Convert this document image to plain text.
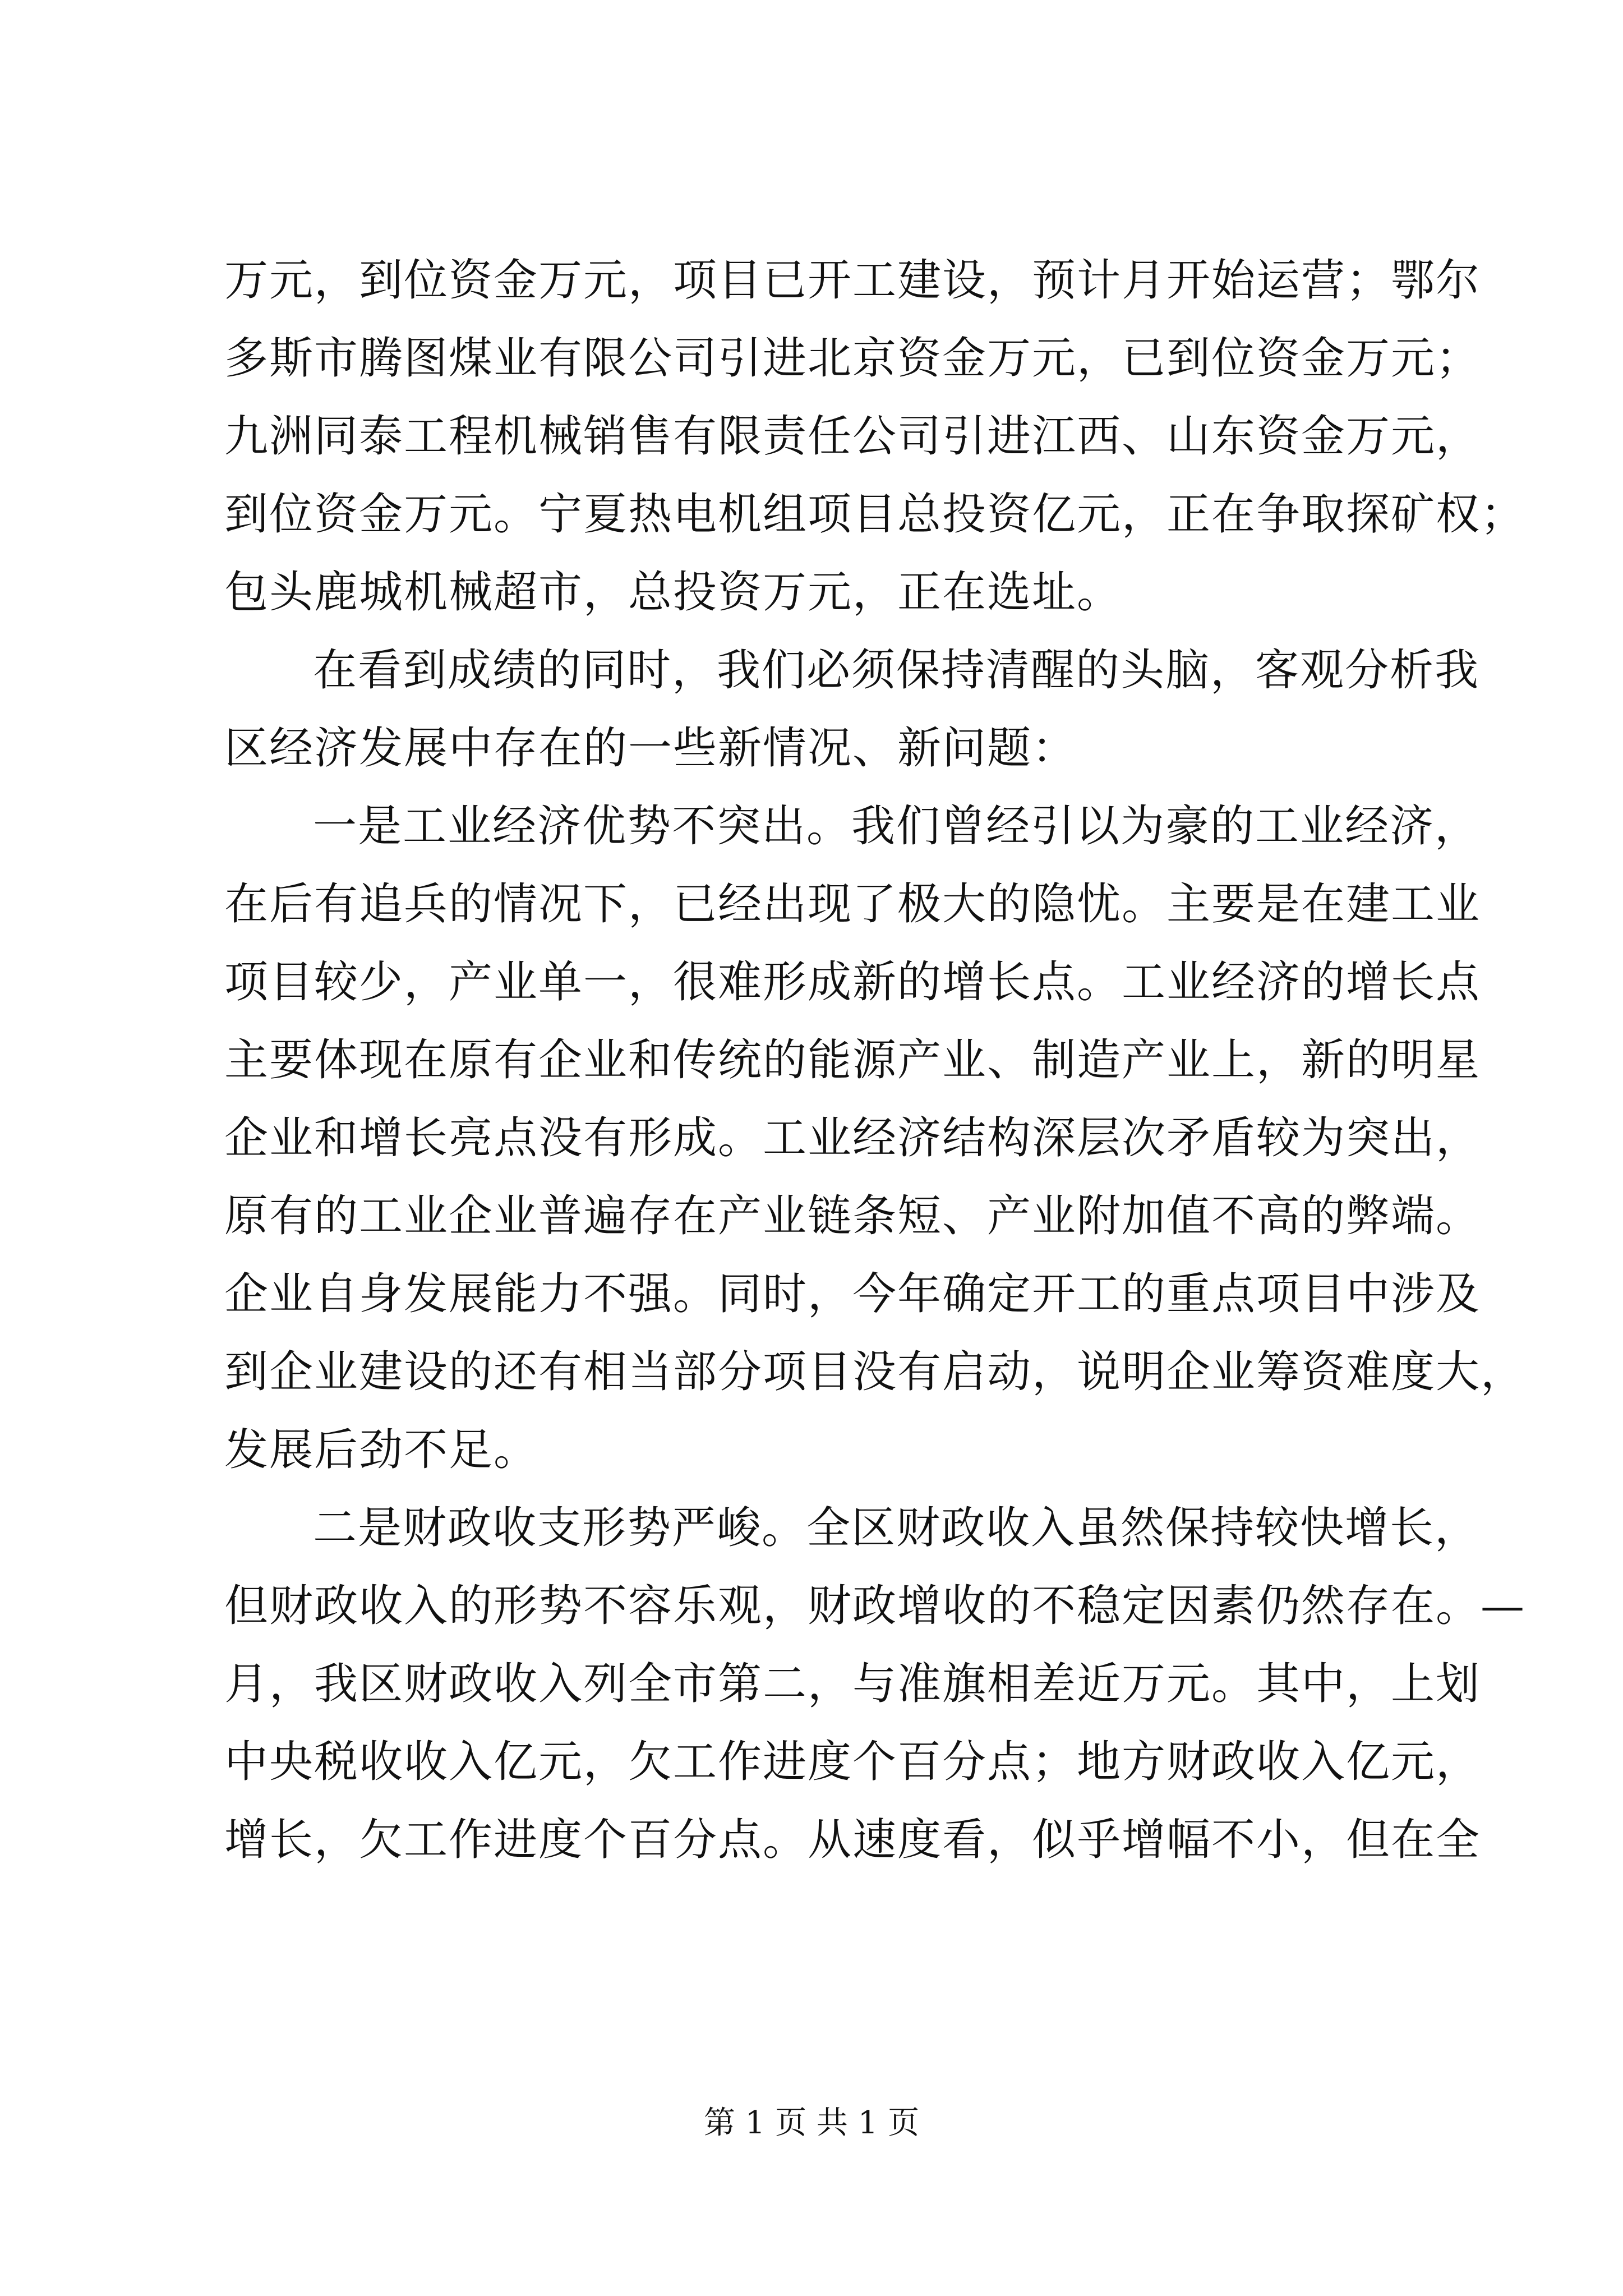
万元，到位资金万元，项目已开工建设，预计月开始运营；鄂尔
多斯市腾图煤业有限公司引进北京资金万元，已到位资金万元；
九洲同泰工程机械销售有限责任公司引进江西、山东资金万元，
到位资金万元。宁夏热电机组项目总投资亿元，正在争取探矿权；
包头鹿城机械超市，总投资万元，正在选址。
在看到成绩的同时，我们必须保持清醒的头脑，客观分析我
区经济发展中存在的一些新情况、新问题：
一是工业经济优势不突出。我们曾经引以为豪的工业经济，
在后有追兵的情况下，已经出现了极大的隐忧。主要是在建工业
项目较少，产业单一，很难形成新的增长点。工业经济的增长点
主要体现在原有企业和传统的能源产业、制造产业上，新的明星
企业和增长亮点没有形成。工业经济结构深层次矛盾较为突出，
原有的工业企业普遍存在产业链条短、产业附加值不高的弊端。
企业自身发展能力不强。同时，今年确定开工的重点项目中涉及
到企业建设的还有相当部分项目没有启动，说明企业筹资难度大，
发展后劲不足。
二是财政收支形势严峻。全区财政收入虽然保持较快增长，
但财政收入的形势不容乐观，财政增收的不稳定因素仍然存在。—
月，我区财政收入列全市第二，与准旗相差近万元。其中，上划
中央税收收入亿元，欠工作进度个百分点；地方财政收入亿元，
增长，欠工作进度个百分点。从速度看，似乎增幅不小，但在全
第 1 页 共 1 页
